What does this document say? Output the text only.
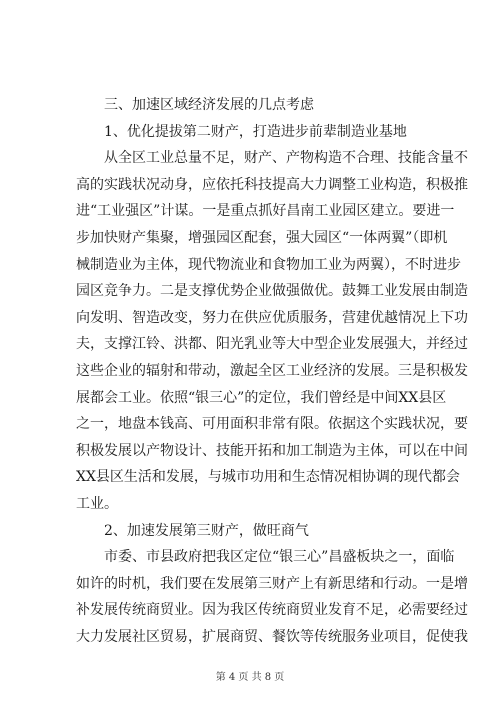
三、加速区域经济发展的几点考虑

1、优化提拔第二财产，打造进步前辈制造业基地

从全区工业总量不足，财产、产物构造不合理、技能含量不
高的实践状况动身，应依托科技提高大力调整工业构造，积极推
进“工业强区”计谋。一是重点抓好昌南工业园区建立。要进一
步加快财产集聚，增强园区配套，强大园区“一体两翼”（即机
械制造业为主体，现代物流业和食物加工业为两翼），不时进步
园区竞争力。二是支撑优势企业做强做优。鼓舞工业发展由制造
向发明、智造改变，努力在供应优质服务，营建优越情况上下功
夫，支撑江铃、洪都、阳光乳业等大中型企业发展强大，并经过
这些企业的辐射和带动，激起全区工业经济的发展。三是积极发
展都会工业。依照“银三心”的定位，我们曾经是中间XX县区
之一，地盘本钱高、可用面积非常有限。依据这个实践状况，要
积极发展以产物设计、技能开拓和加工制造为主体，可以在中间
XX县区生活和发展，与城市功用和生态情况相协调的现代都会
工业。

2、加速发展第三财产，做旺商气

市委、市县政府把我区定位“银三心”昌盛板块之一，面临
如许的时机，我们要在发展第三财产上有新思绪和行动。一是增
补发展传统商贸业。因为我区传统商贸业发育不足，必需要经过
大力发展社区贸易，扩展商贸、餐饮等传统服务业项目，促使我
第 4 页 共 8 页
